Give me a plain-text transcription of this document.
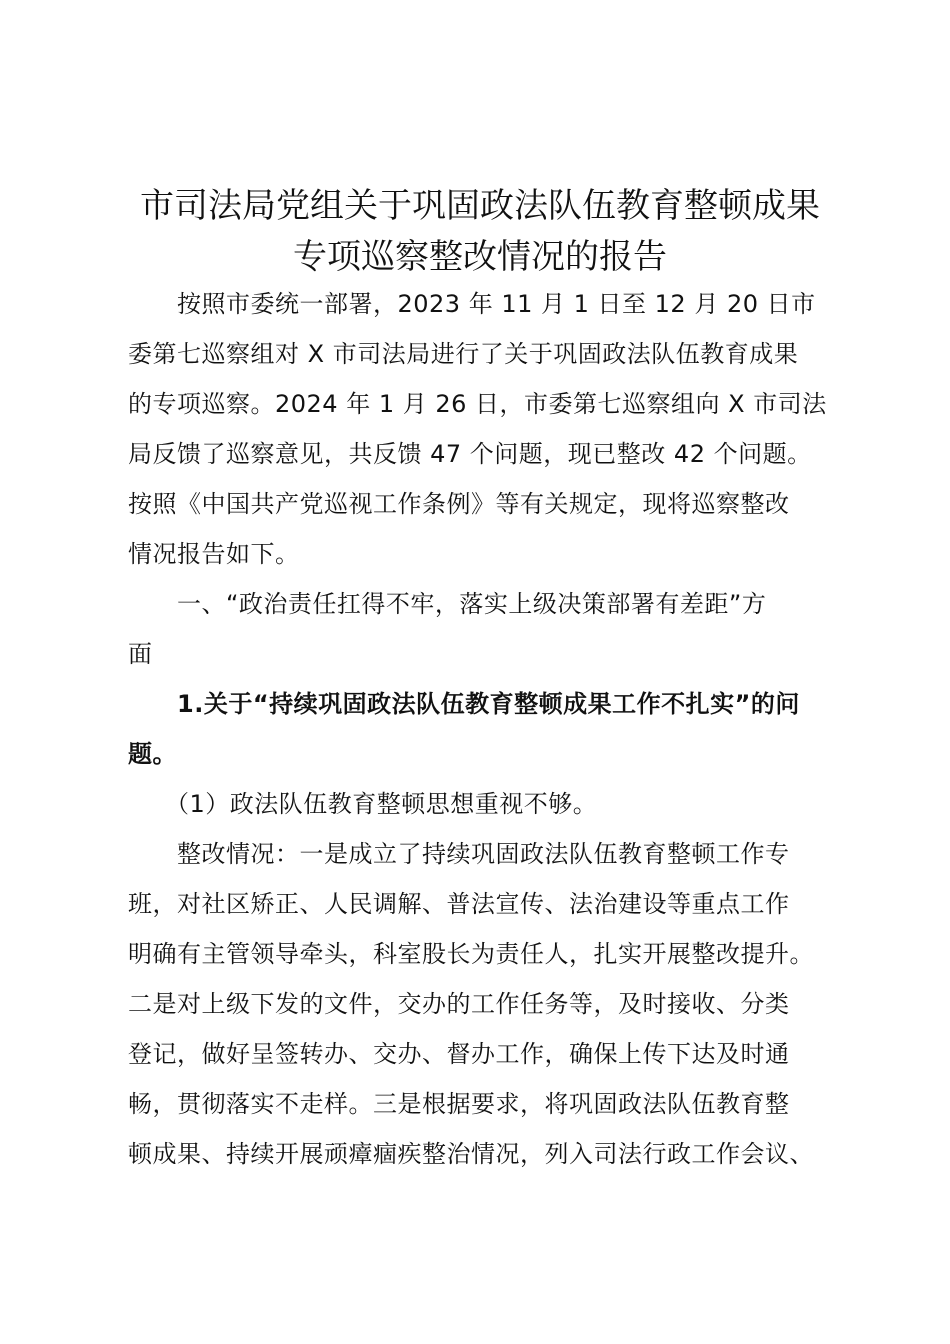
市司法局党组关于巩固政法队伍教育整顿成果
专项巡察整改情况的报告
　　按照市委统一部署，2023 年 11 月 1 日至 12 月 20 日市
委第七巡察组对 X 市司法局进行了关于巩固政法队伍教育成果
的专项巡察。2024 年 1 月 26 日，市委第七巡察组向 X 市司法
局反馈了巡察意见，共反馈 47 个问题，现已整改 42 个问题。
按照《中国共产党巡视工作条例》等有关规定，现将巡察整改
情况报告如下。
　　一、“政治责任扛得不牢，落实上级决策部署有差距”方
面
　　1.关于“持续巩固政法队伍教育整顿成果工作不扎实”的问
题。
　　（1）政法队伍教育整顿思想重视不够。
　　整改情况：一是成立了持续巩固政法队伍教育整顿工作专
班，对社区矫正、人民调解、普法宣传、法治建设等重点工作
明确有主管领导牵头，科室股长为责任人，扎实开展整改提升。
二是对上级下发的文件，交办的工作任务等，及时接收、分类
登记，做好呈签转办、交办、督办工作，确保上传下达及时通
畅，贯彻落实不走样。三是根据要求，将巩固政法队伍教育整
顿成果、持续开展顽瘴痼疾整治情况，列入司法行政工作会议、
